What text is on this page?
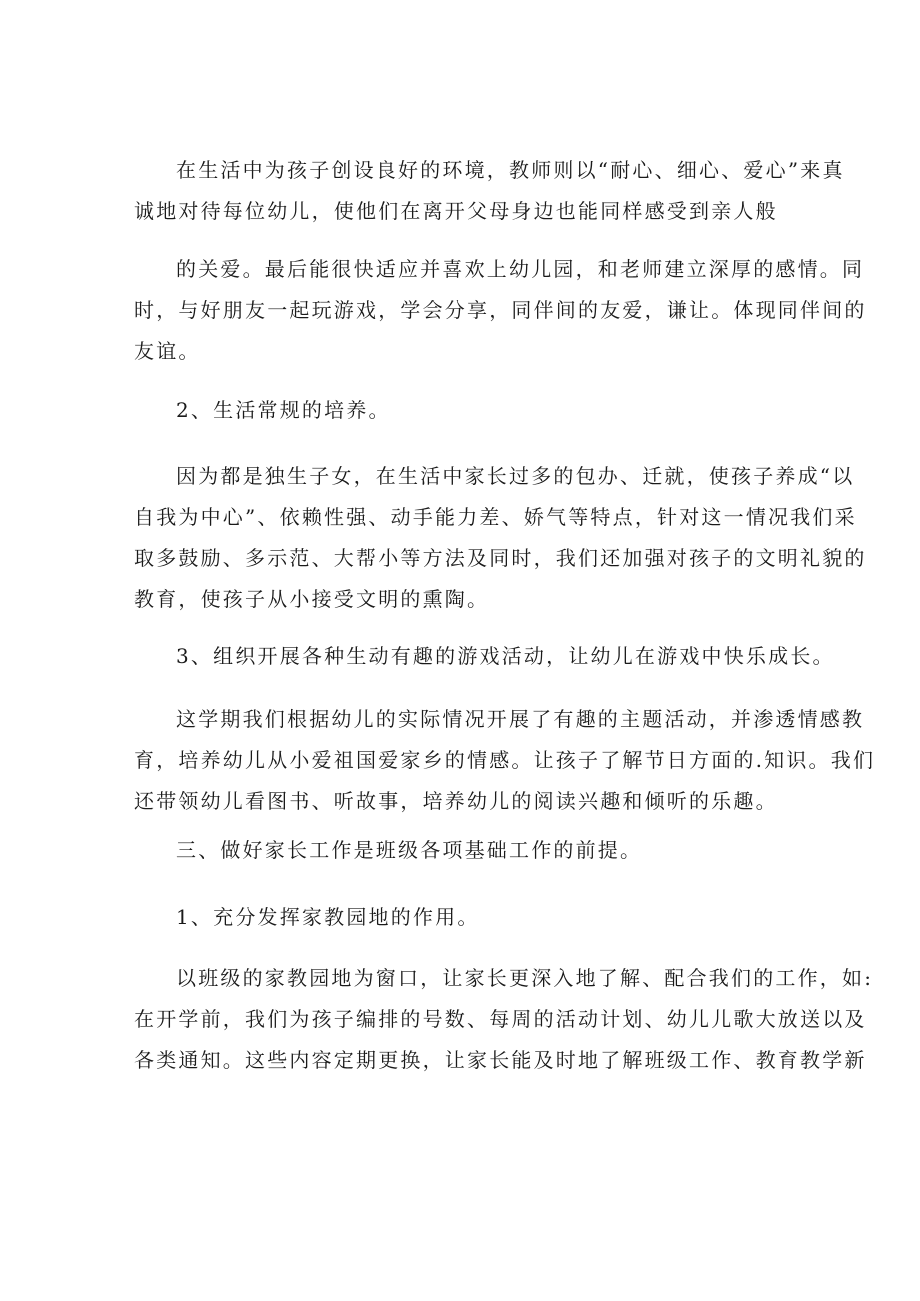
在生活中为孩子创设良好的环境，教师则以“耐心、细心、爱心”来真
诚地对待每位幼儿，使他们在离开父母身边也能同样感受到亲人般
的关爱。最后能很快适应并喜欢上幼儿园，和老师建立深厚的感情。同
时，与好朋友一起玩游戏，学会分享，同伴间的友爱，谦让。体现同伴间的
友谊。
2、生活常规的培养。
因为都是独生子女，在生活中家长过多的包办、迁就，使孩子养成“以
自我为中心”、依赖性强、动手能力差、娇气等特点，针对这一情况我们采
取多鼓励、多示范、大帮小等方法及同时，我们还加强对孩子的文明礼貌的
教育，使孩子从小接受文明的熏陶。
3、组织开展各种生动有趣的游戏活动，让幼儿在游戏中快乐成长。
这学期我们根据幼儿的实际情况开展了有趣的主题活动，并渗透情感教
育，培养幼儿从小爱祖国爱家乡的情感。让孩子了解节日方面的.知识。我们
还带领幼儿看图书、听故事，培养幼儿的阅读兴趣和倾听的乐趣。
三、做好家长工作是班级各项基础工作的前提。
1、充分发挥家教园地的作用。
以班级的家教园地为窗口，让家长更深入地了解、配合我们的工作，如:
在开学前，我们为孩子编排的号数、每周的活动计划、幼儿儿歌大放送以及
各类通知。这些内容定期更换，让家长能及时地了解班级工作、教育教学新
